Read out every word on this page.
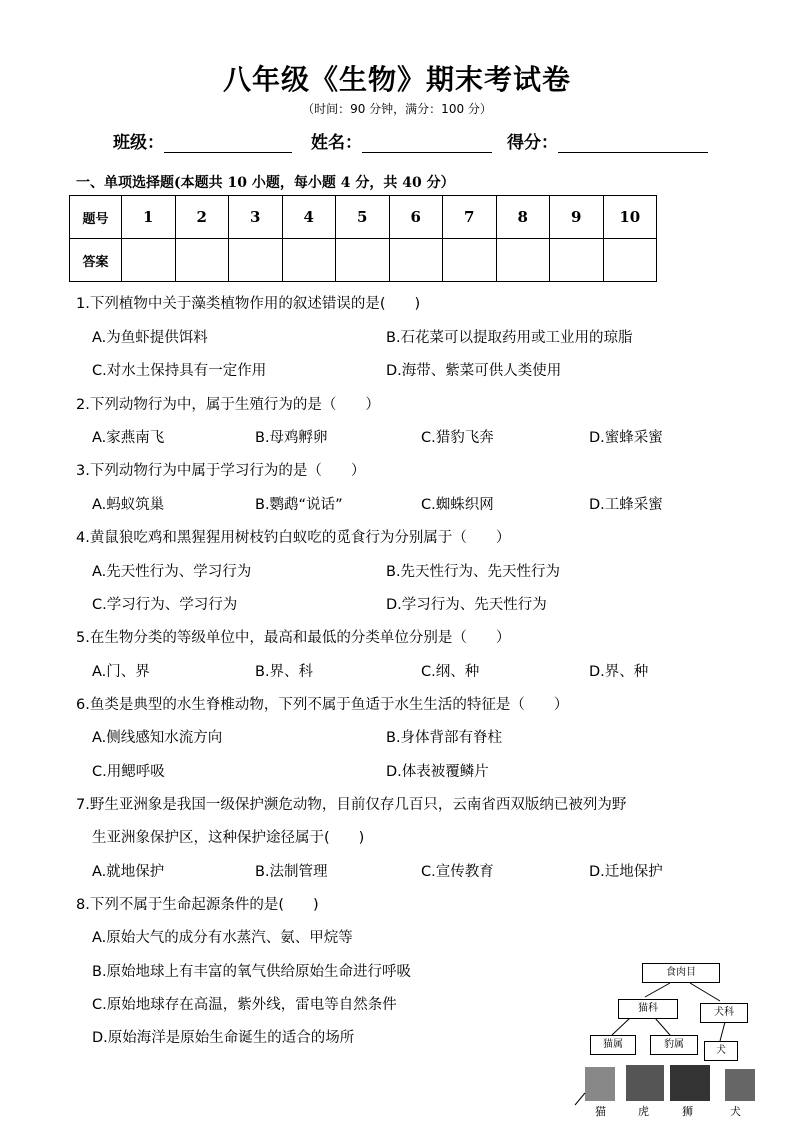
八年级《生物》期末考试卷
（时间：90 分钟，满分：100 分）
班级：	姓名：	得分：
一、单项选择题(本题共 10 小题，每小题 4 分，共 40 分）
题号	1	2	3	4	5	6	7	8	9	10
答案										
1.下列植物中关于藻类植物作用的叙述错误的是(　　)
A.为鱼虾提供饵料	B.石花菜可以提取药用或工业用的琼脂
C.对水土保持具有一定作用	D.海带、紫菜可供人类使用
2.下列动物行为中，属于生殖行为的是（　　）
A.家燕南飞	B.母鸡孵卵	C.猎豹飞奔	D.蜜蜂采蜜
3.下列动物行为中属于学习行为的是（　　）
A.蚂蚁筑巢	B.鹦鹉“说话”	C.蜘蛛织网	D.工蜂采蜜
4.黄鼠狼吃鸡和黑猩猩用树枝钓白蚁吃的觅食行为分别属于（　　）
A.先天性行为、学习行为	B.先天性行为、先天性行为
C.学习行为、学习行为	D.学习行为、先天性行为
5.在生物分类的等级单位中，最高和最低的分类单位分别是（　　）
A.门、界	B.界、科	C.纲、种	D.界、种
6.鱼类是典型的水生脊椎动物，下列不属于鱼适于水生生活的特征是（　　）
A.侧线感知水流方向	B.身体背部有脊柱
C.用鳃呼吸	D.体表被覆鳞片
7.野生亚洲象是我国一级保护濒危动物，目前仅存几百只，云南省西双版纳已被列为野
生亚洲象保护区，这种保护途径属于(　　)
A.就地保护	B.法制管理	C.宣传教育	D.迁地保护
8.下列不属于生命起源条件的是(　　)
A.原始大气的成分有水蒸汽、氨、甲烷等
B.原始地球上有丰富的氧气供给原始生命进行呼吸
C.原始地球存在高温，紫外线，雷电等自然条件
D.原始海洋是原始生命诞生的适合的场所
食肉目
猫科	犬科
猫属	豹属
犬
猫	虎	狮	犬
